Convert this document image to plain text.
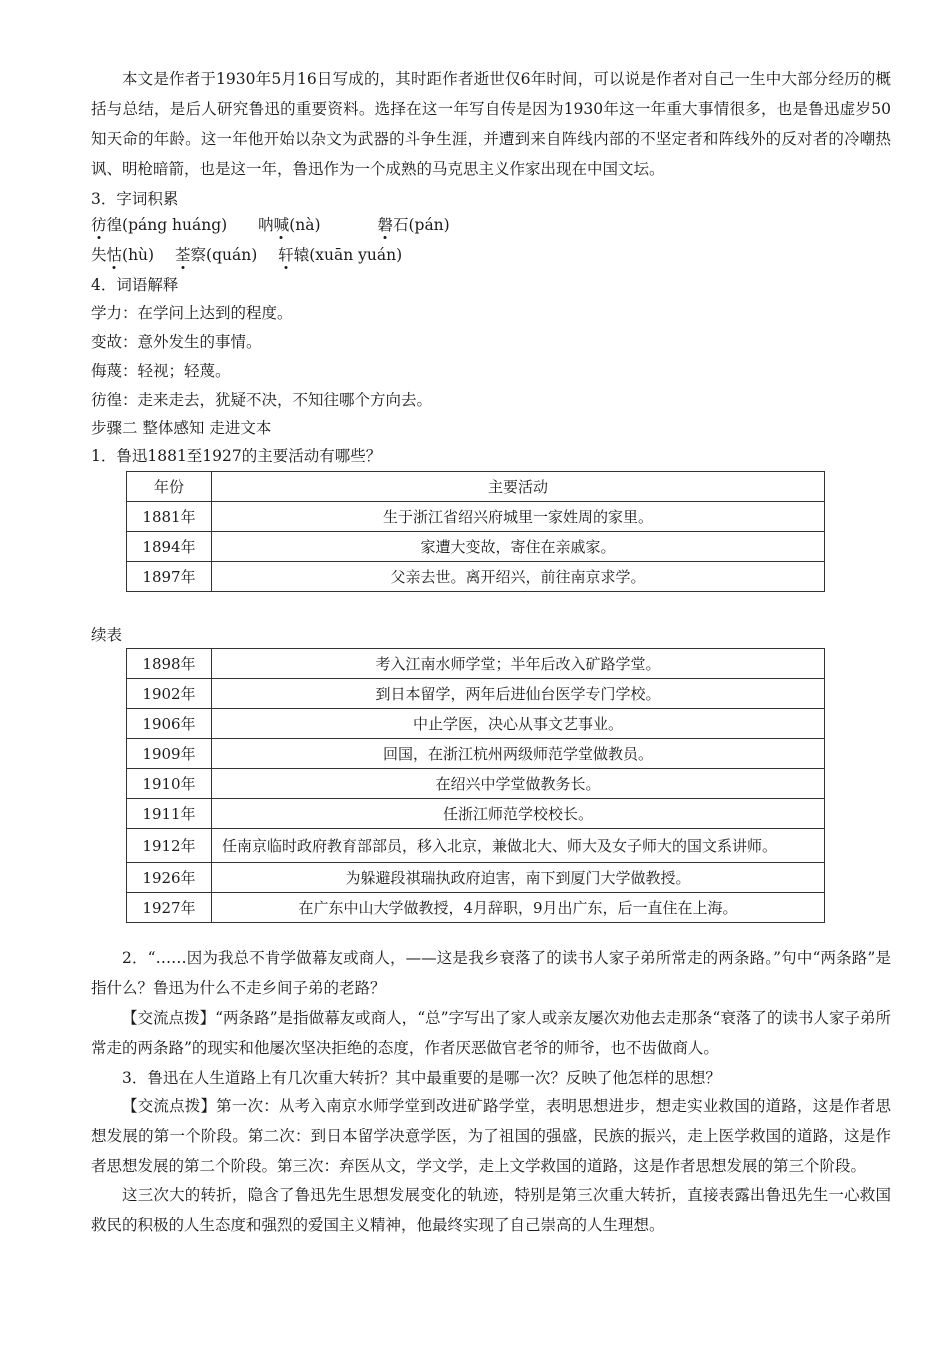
本文是作者于1930年5月16日写成的，其时距作者逝世仅6年时间，可以说是作者对自己一生中大部分经历的概括与总结，是后人研究鲁迅的重要资料。选择在这一年写自传是因为1930年这一年重大事情很多，也是鲁迅虚岁50知天命的年龄。这一年他开始以杂文为武器的斗争生涯，并遭到来自阵线内部的不坚定者和阵线外的反对者的冷嘲热讽、明枪暗箭，也是这一年，鲁迅作为一个成熟的马克思主义作家出现在中国文坛。

3．字词积累

彷徨(páng huáng) 呐喊(nà)	磐石(pán)
失怙(hù) 荃察(quán) 轩辕(xuān yuán)

4．词语解释

学力：在学问上达到的程度。

变故：意外发生的事情。

侮蔑：轻视；轻蔑。

彷徨：走来走去，犹疑不决，不知往哪个方向去。

步骤二 整体感知 走进文本

1．鲁迅1881至1927的主要活动有哪些？

年份	主要活动
1881年	生于浙江省绍兴府城里一家姓周的家里。
1894年	家遭大变故，寄住在亲戚家。
1897年	父亲去世。离开绍兴，前往南京求学。

续表

1898年	考入江南水师学堂；半年后改入矿路学堂。
1902年	到日本留学，两年后进仙台医学专门学校。
1906年	中止学医，决心从事文艺事业。
1909年	回国，在浙江杭州两级师范学堂做教员。
1910年	在绍兴中学堂做教务长。
1911年	任浙江师范学校校长。
1912年	任南京临时政府教育部部员，移入北京，兼做北大、师大及女子师大的国文系讲师。
1926年	为躲避段祺瑞执政府迫害，南下到厦门大学做教授。
1927年	在广东中山大学做教授，4月辞职，9月出广东，后一直住在上海。

2．“……因为我总不肯学做幕友或商人，——这是我乡衰落了的读书人家子弟所常走的两条路。”句中“两条路”是指什么？鲁迅为什么不走乡间子弟的老路？

【交流点拨】“两条路”是指做幕友或商人，“总”字写出了家人或亲友屡次劝他去走那条“衰落了的读书人家子弟所常走的两条路”的现实和他屡次坚决拒绝的态度，作者厌恶做官老爷的师爷，也不齿做商人。

3．鲁迅在人生道路上有几次重大转折？其中最重要的是哪一次？反映了他怎样的思想？

【交流点拨】第一次：从考入南京水师学堂到改进矿路学堂，表明思想进步，想走实业救国的道路，这是作者思想发展的第一个阶段。第二次：到日本留学决意学医，为了祖国的强盛，民族的振兴，走上医学救国的道路，这是作者思想发展的第二个阶段。第三次：弃医从文，学文学，走上文学救国的道路，这是作者思想发展的第三个阶段。

这三次大的转折，隐含了鲁迅先生思想发展变化的轨迹，特别是第三次重大转折，直接表露出鲁迅先生一心救国救民的积极的人生态度和强烈的爱国主义精神，他最终实现了自己崇高的人生理想。
